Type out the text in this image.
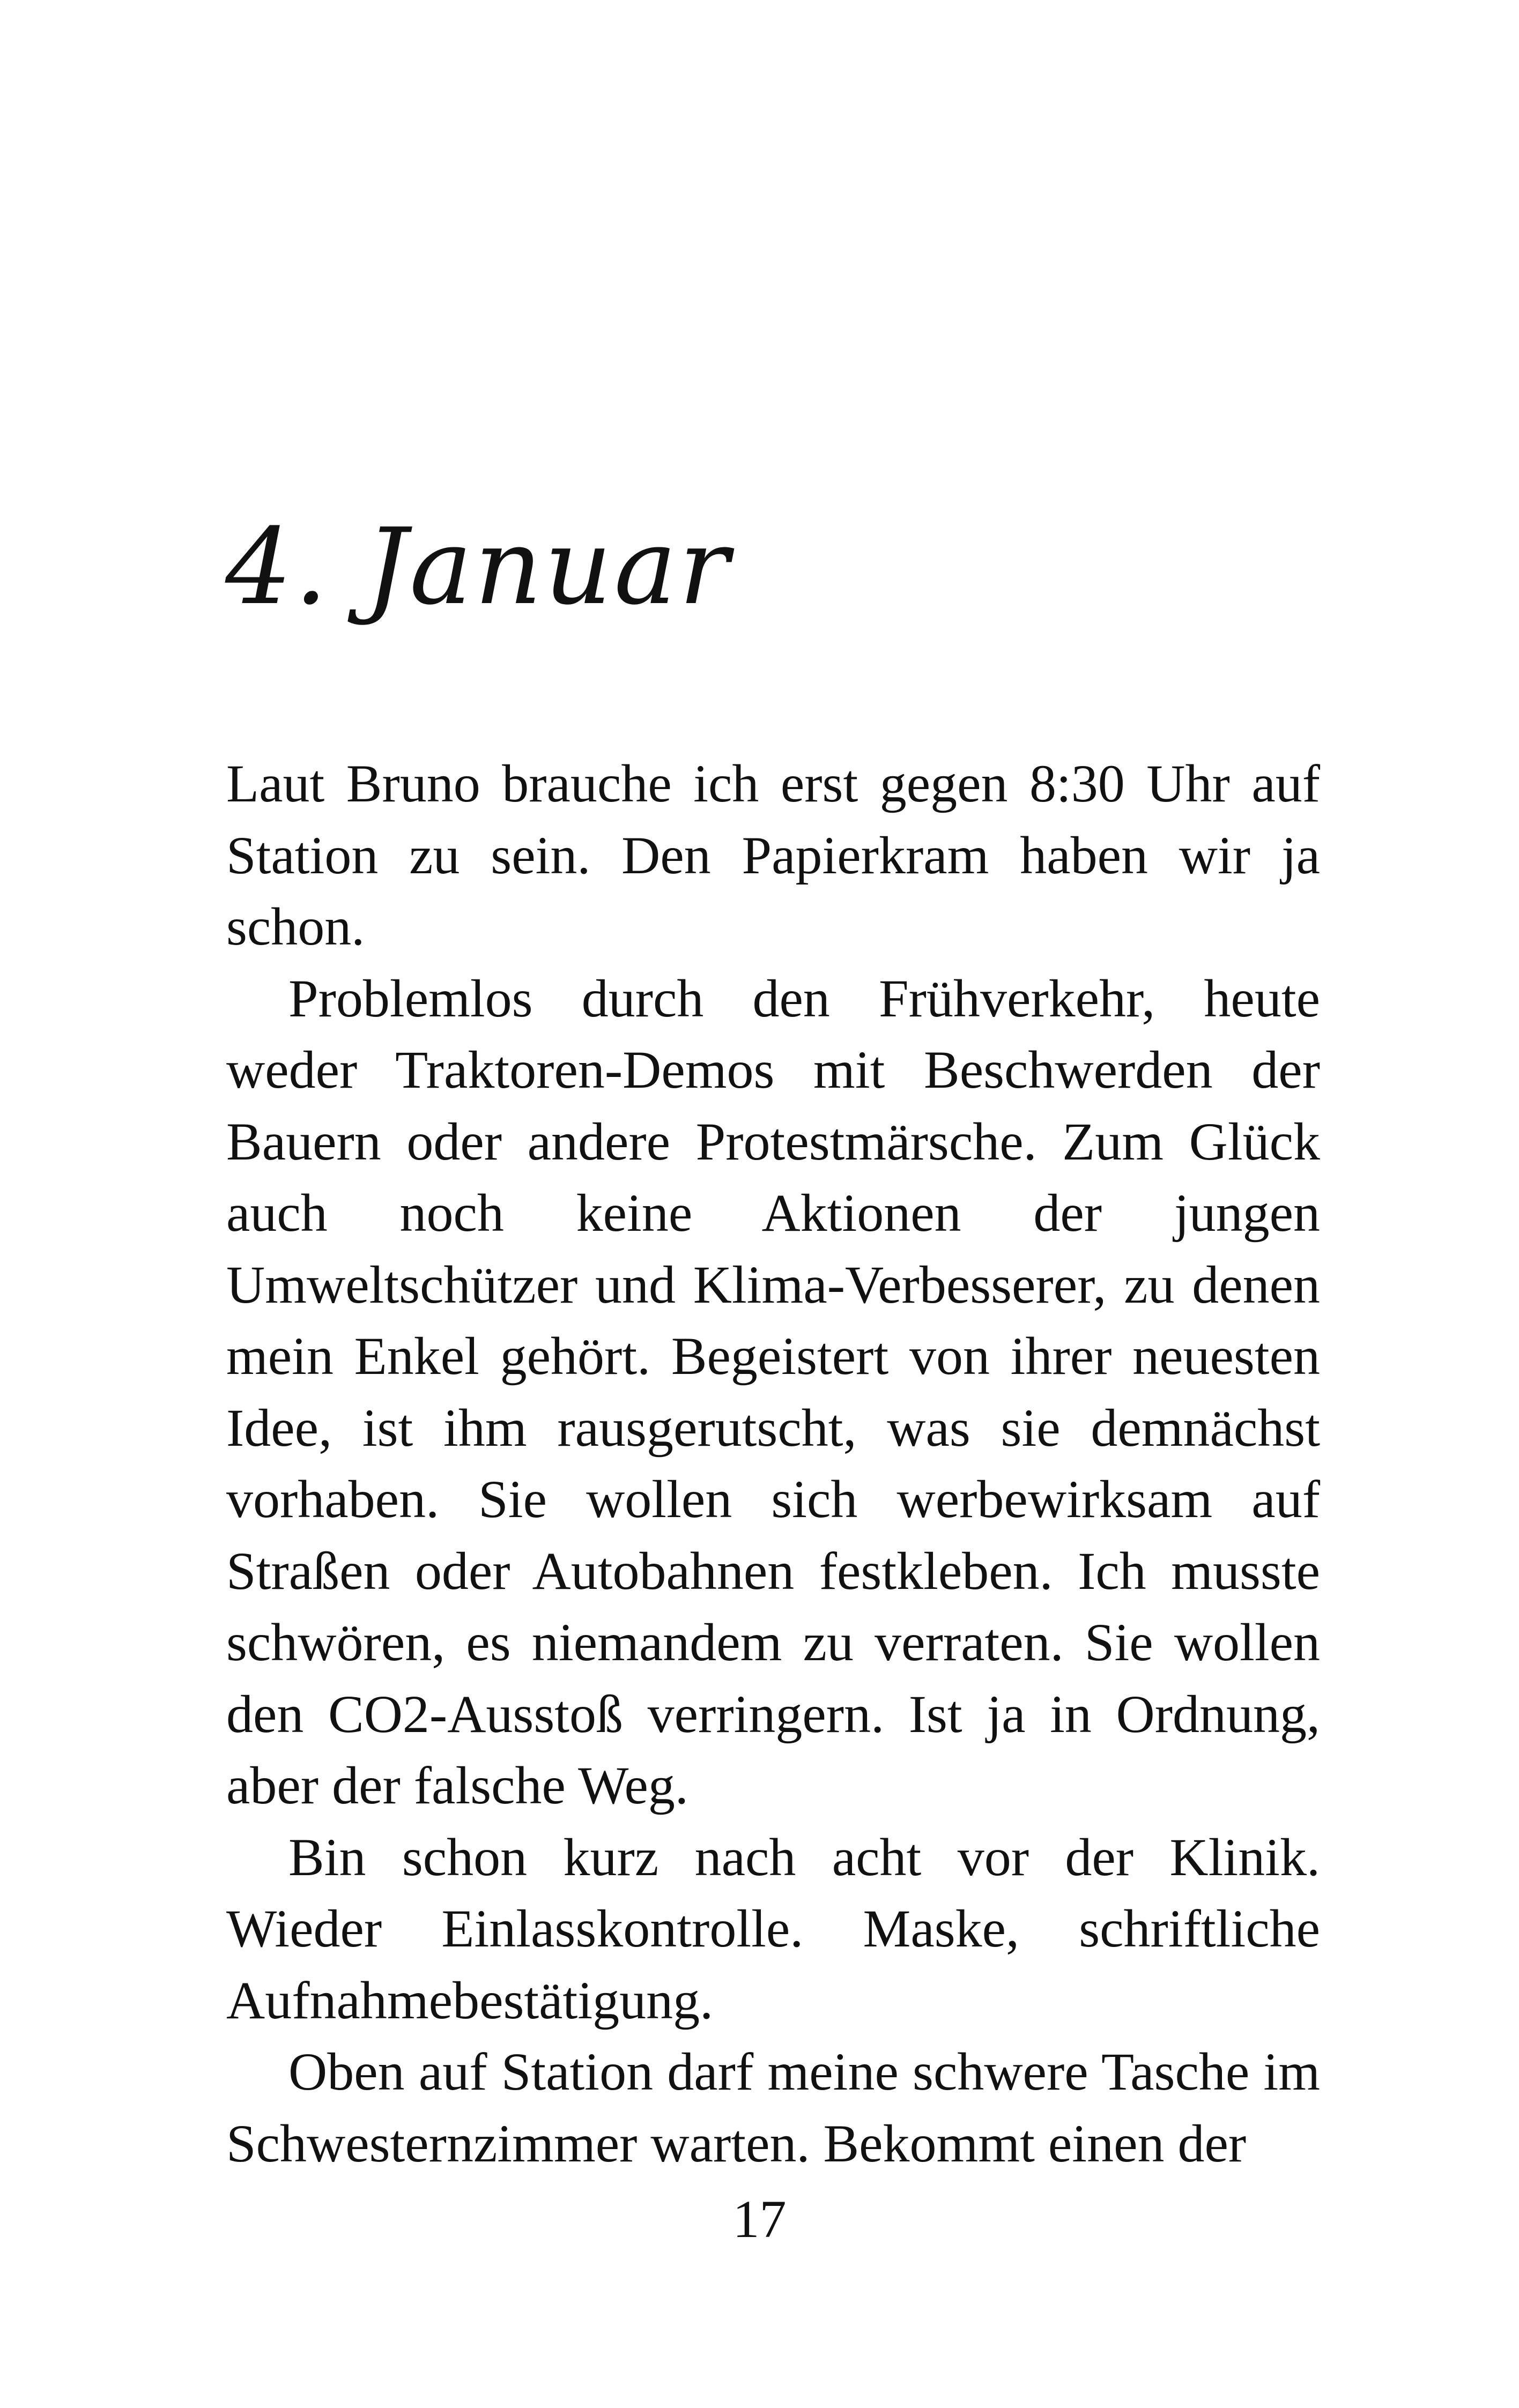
4. Januar

Laut Bruno brauche ich erst gegen 8:30 Uhr auf Station zu sein. Den Papierkram haben wir ja schon.

Problemlos durch den Frühverkehr, heute weder Traktoren-Demos mit Beschwerden der Bauern oder andere Protestmärsche. Zum Glück auch noch keine Aktionen der jungen Umweltschützer und Klima-Verbesserer, zu denen mein Enkel gehört. Begeistert von ihrer neuesten Idee, ist ihm rausgerutscht, was sie demnächst vorhaben. Sie wollen sich werbewirksam auf Straßen oder Autobahnen festkleben. Ich musste schwören, es niemandem zu verraten. Sie wollen den CO2-Ausstoß verringern. Ist ja in Ordnung, aber der falsche Weg.

Bin schon kurz nach acht vor der Klinik. Wieder Einlasskontrolle. Maske, schriftliche Aufnahmebestätigung.

Oben auf Station darf meine schwere Tasche im Schwesternzimmer warten. Bekommt einen der

17
